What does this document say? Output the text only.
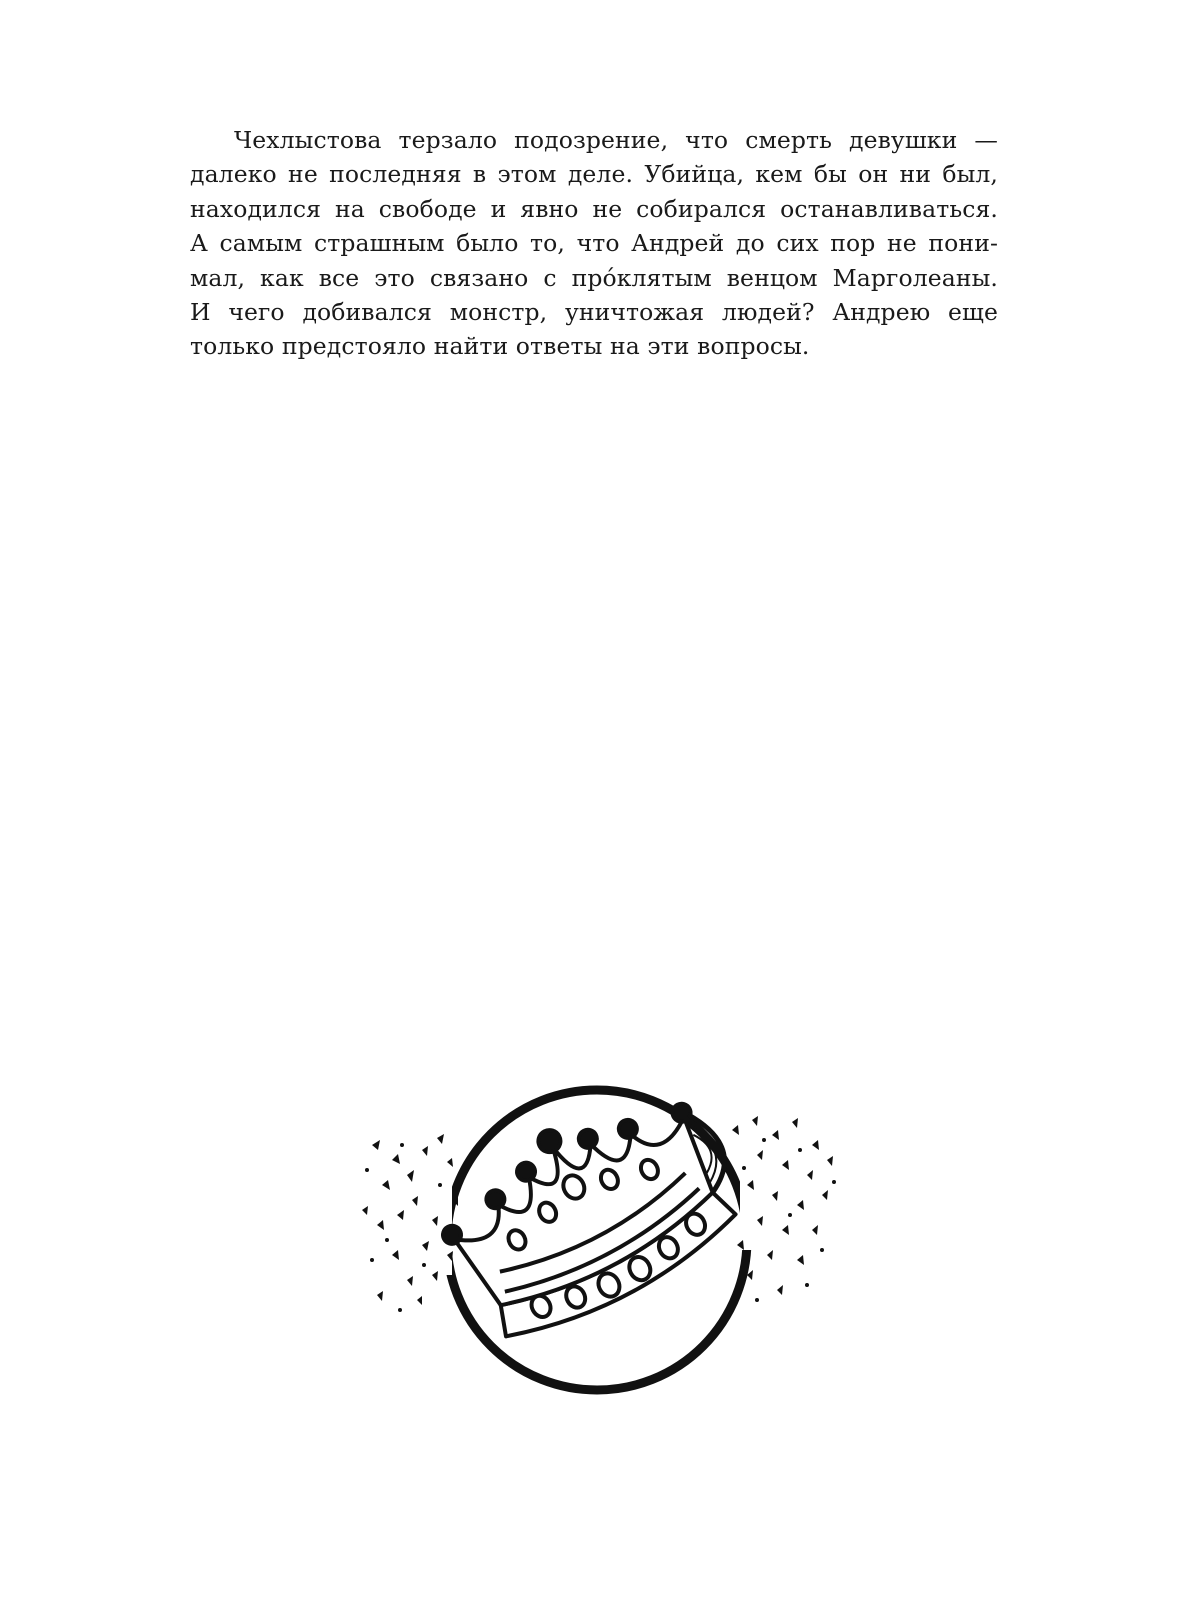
Чехлыстова терзало подозрение, что смерть девушки —
далеко не последняя в этом деле. Убийца, кем бы он ни был,
находился на свободе и явно не собирался останавливаться.
А самым страшным было то, что Андрей до сих пор не пони-
мал, как все это связано с про́клятым венцом Марголеаны.
И чего добивался монстр, уничтожая людей? Андрею еще
только предстояло найти ответы на эти вопросы.
